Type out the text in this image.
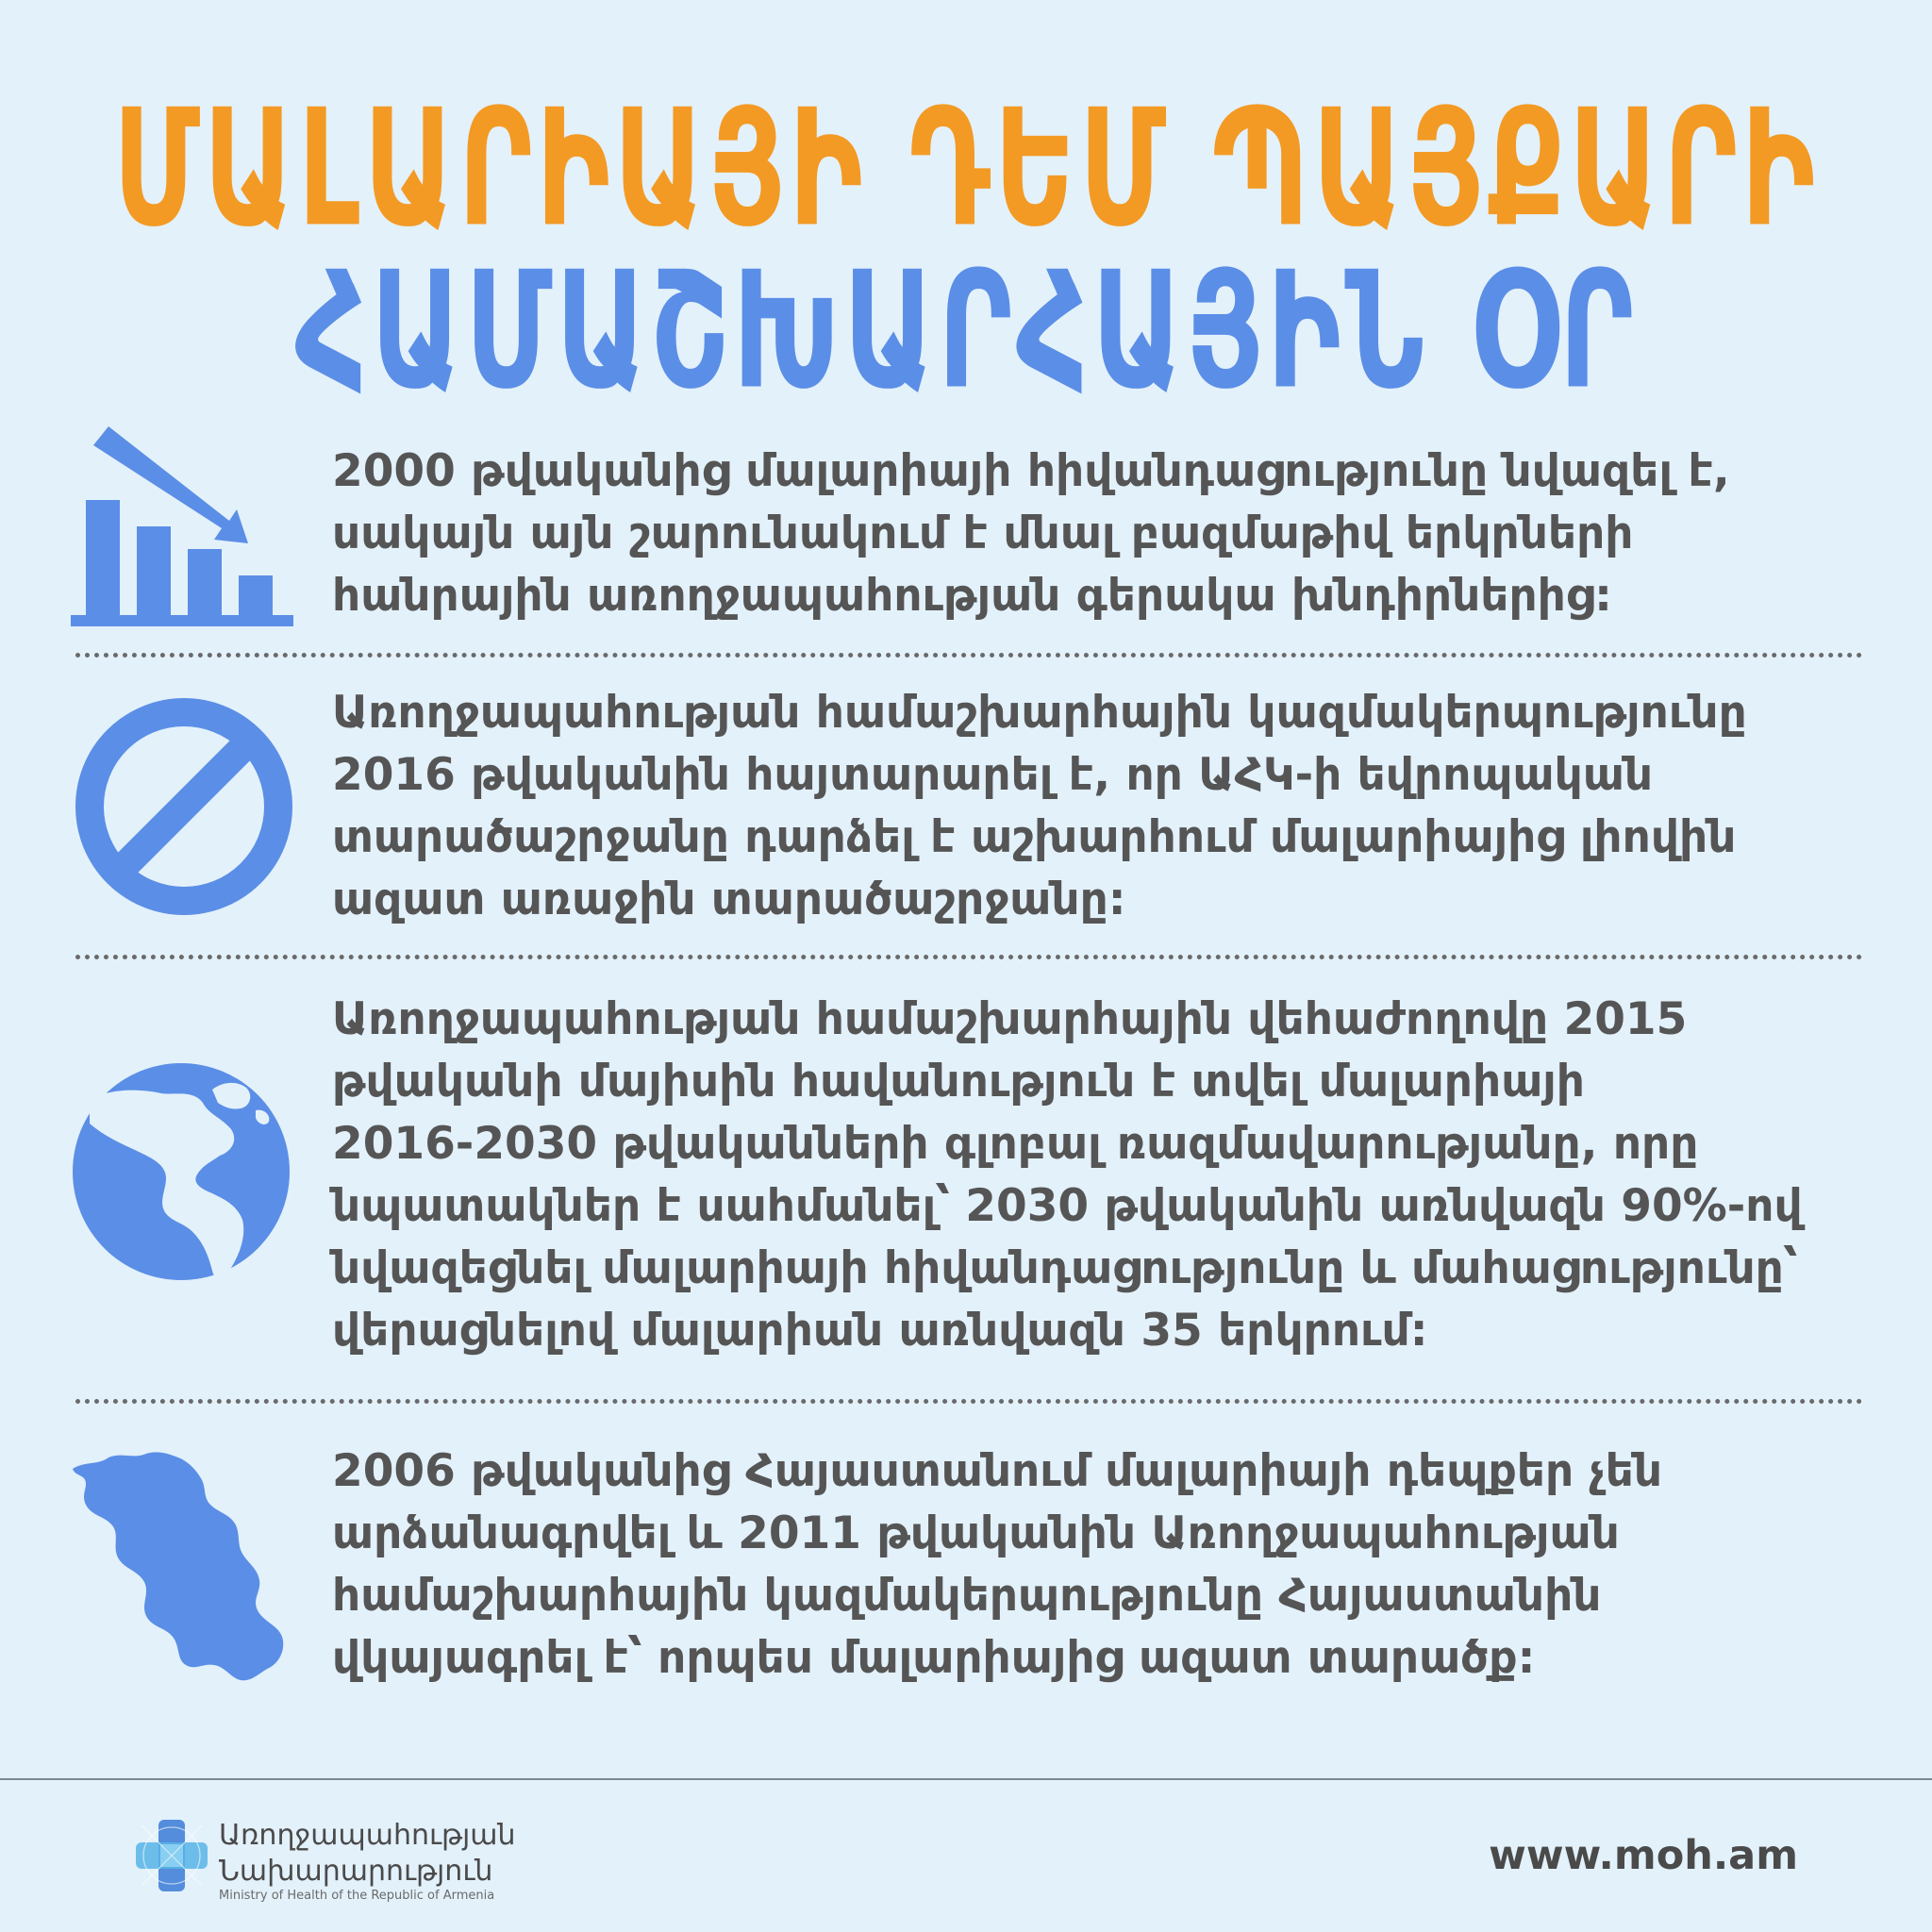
ՄԱԼԱՐԻԱՅԻ ԴԵՄ ՊԱՅՔԱՐԻ
ՀԱՄԱՇԽԱՐՀԱՅԻՆ ՕՐ
2000 թվականից մալարիայի հիվանդացությունը նվազել է,
սակայն այն շարունակում է մնալ բազմաթիվ երկրների
հանրային առողջապահության գերակա խնդիրներից:
Առողջապահության համաշխարհային կազմակերպությունը
2016 թվականին հայտարարել է, որ ԱՀԿ-ի եվրոպական
տարածաշրջանը դարձել է աշխարհում մալարիայից լիովին
ազատ առաջին տարածաշրջանը:
Առողջապահության համաշխարհային վեհաժողովը 2015
թվականի մայիսին հավանություն է տվել մալարիայի
2016-2030 թվականների գլոբալ ռազմավարությանը, որը
նպատակներ է սահմանել՝ 2030 թվականին առնվազն 90%-ով
նվազեցնել մալարիայի հիվանդացությունը և մահացությունը՝
վերացնելով մալարիան առնվազն 35 երկրում:
2006 թվականից Հայաստանում մալարիայի դեպքեր չեն
արձանագրվել և 2011 թվականին Առողջապահության
համաշխարհային կազմակերպությունը Հայաստանին
վկայագրել է՝ որպես մալարիայից ազատ տարածք:
Առողջապահության
Նախարարություն
Ministry of Health of the Republic of Armenia
www.moh.am
